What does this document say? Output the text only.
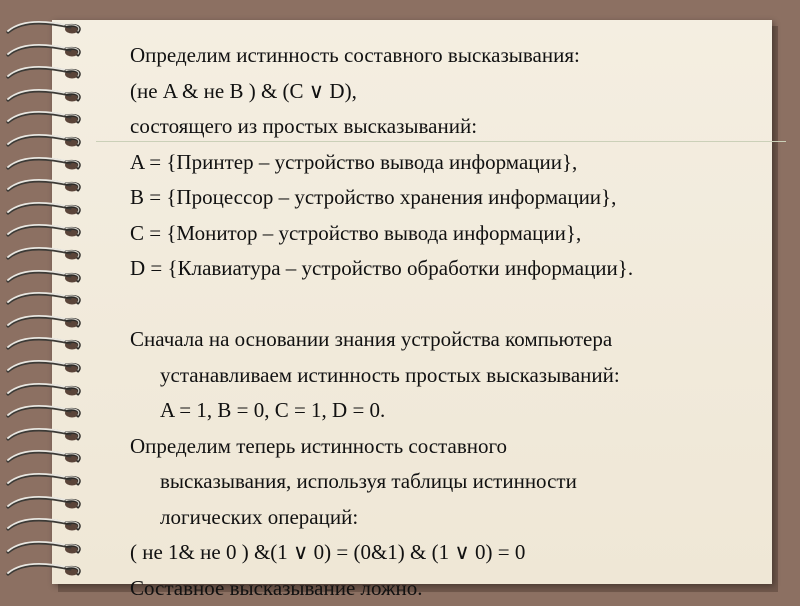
Определим истинность составного высказывания:
(не A & не B ) & (C ∨ D),
состоящего из простых высказываний:
A = {Принтер – устройство вывода информации},
B = {Процессор – устройство хранения информации},
С = {Монитор – устройство вывода информации},
D = {Клавиатура – устройство обработки информации}.
Сначала на основании знания устройства компьютера
устанавливаем истинность простых высказываний:
A = 1, B = 0, С = 1, D = 0.
Определим теперь истинность составного
высказывания, используя таблицы истинности
логических операций:
( не 1& не 0 ) &(1 ∨ 0) = (0&1) & (1 ∨ 0) = 0
Составное высказывание ложно.
